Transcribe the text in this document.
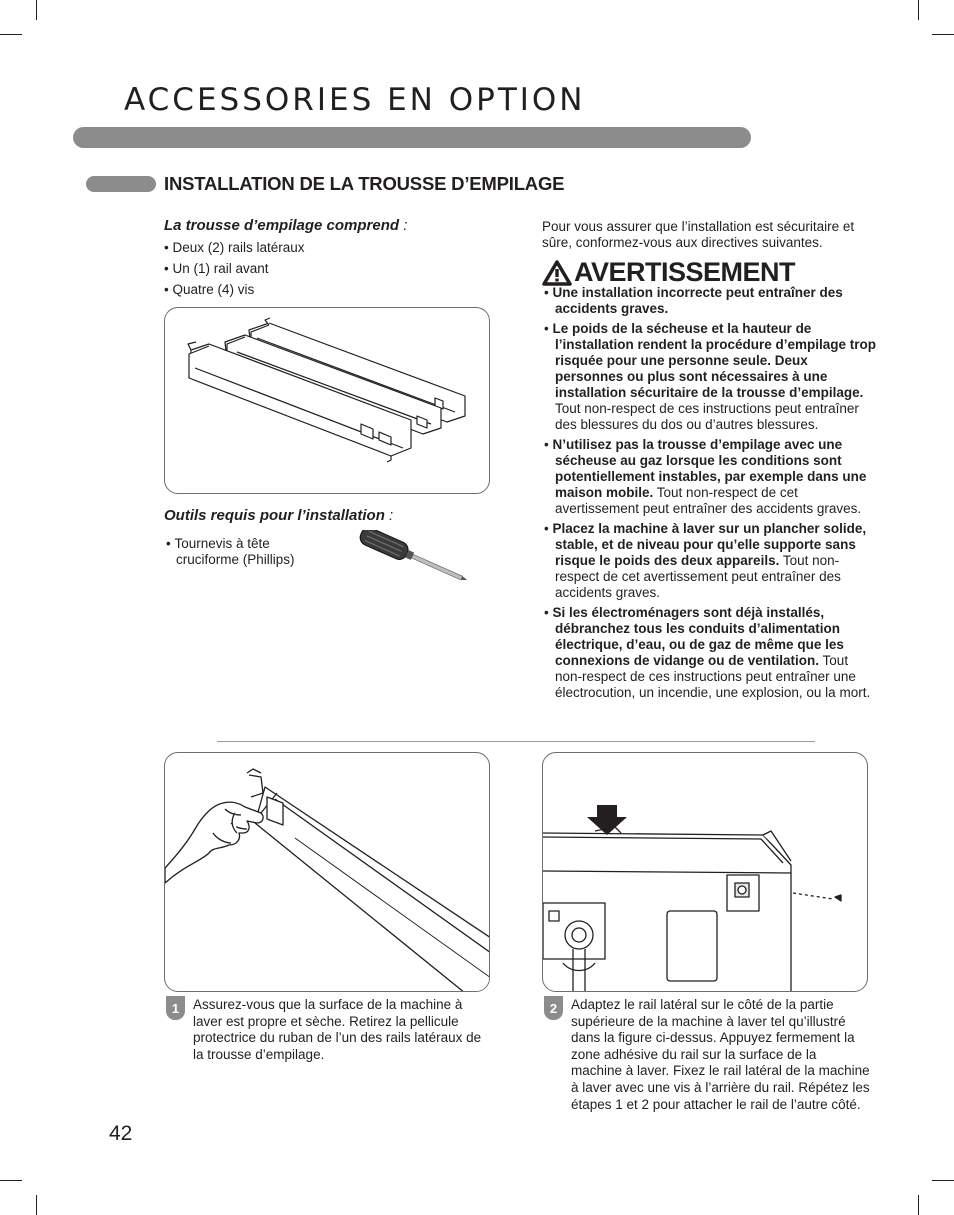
ACCESSORIES EN OPTION
INSTALLATION DE LA TROUSSE D’EMPILAGE
La trousse d’empilage comprend :
• Deux (2) rails latéraux
• Un (1) rail avant
• Quatre (4) vis
Outils requis pour l’installation :
• Tournevis à tête
cruciforme (Phillips)
Pour vous assurer que l’installation est sécuritaire et sûre, conformez-vous aux directives suivantes.
AVERTISSEMENT
• Une installation incorrecte peut entraîner des accidents graves.
• Le poids de la sécheuse et la hauteur de l’installation rendent la procédure d’empilage trop risquée pour une personne seule. Deux personnes ou plus sont nécessaires à une installation sécuritaire de la trousse d’empilage. Tout non-respect de ces instructions peut entraîner des blessures du dos ou d’autres blessures.
• N’utilisez pas la trousse d’empilage avec une sécheuse au gaz lorsque les conditions sont potentiellement instables, par exemple dans une maison mobile. Tout non-respect de cet avertissement peut entraîner des accidents graves.
• Placez la machine à laver sur un plancher solide, stable, et de niveau pour qu’elle supporte sans risque le poids des deux appareils. Tout non-respect de cet avertissement peut entraîner des accidents graves.
• Si les électroménagers sont déjà installés, débranchez tous les conduits d’alimentation électrique, d’eau, ou de gaz de même que les connexions de vidange ou de ventilation. Tout non-respect de ces instructions peut entraîner une électrocution, un incendie, une explosion, ou la mort.
1	Assurez-vous que la surface de la machine à laver est propre et sèche. Retirez la pellicule protectrice du ruban de l’un des rails latéraux de la trousse d’empilage.
2	Adaptez le rail latéral sur le côté de la partie supérieure de la machine à laver tel qu’illustré dans la figure ci-dessus. Appuyez fermement la zone adhésive du rail sur la surface de la machine à laver. Fixez le rail latéral de la machine à laver avec une vis à l’arrière du rail. Répétez les étapes 1 et 2 pour attacher le rail de l’autre côté.
42
